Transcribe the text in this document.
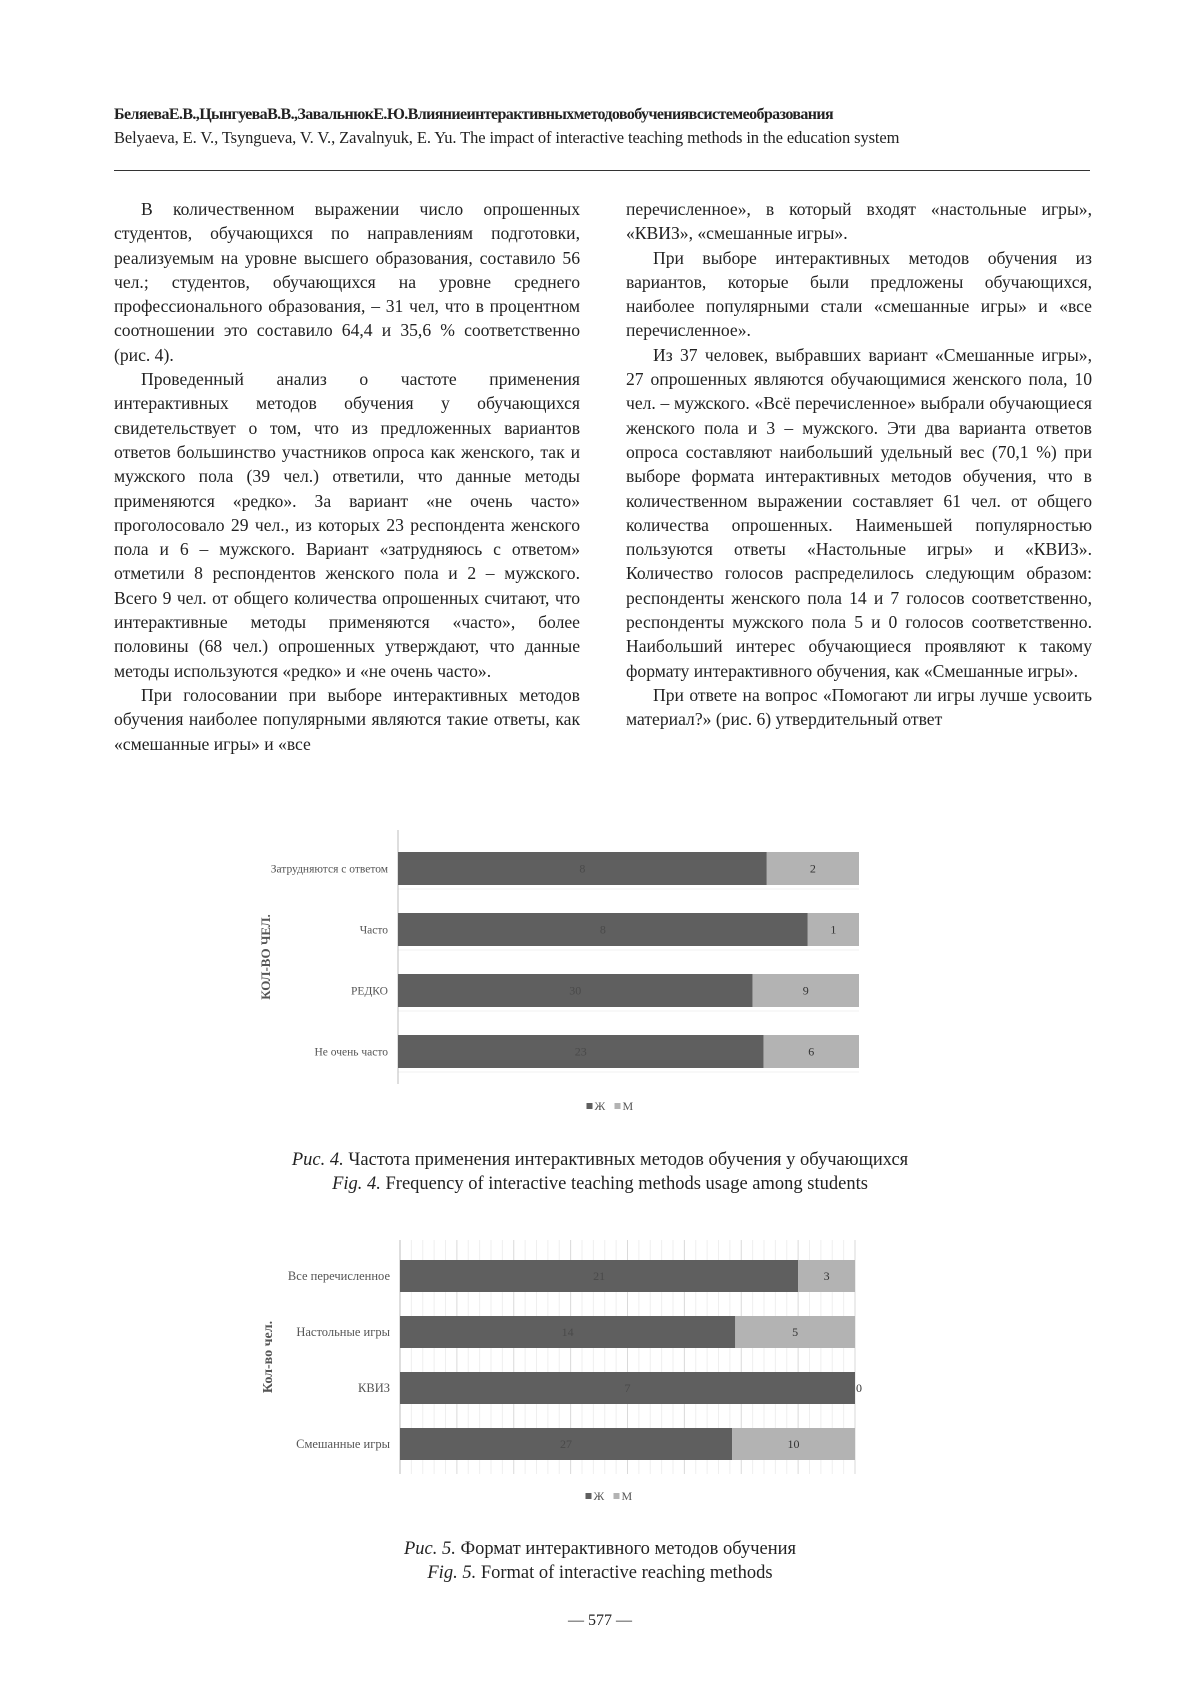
БеляеваЕ.В.,ЦынгуеваВ.В.,ЗавальнюкЕ.Ю.Влияниеинтерактивныхметодовобучениявсистемеобразования
Belyaeva, E. V., Tsyngueva, V. V., Zavalnyuk, E. Yu. The impact of interactive teaching methods in the education system

В количественном выражении число опрошенных студентов, обучающихся по направлениям подготовки, реализуемым на уровне высшего образования, составило 56 чел.; студентов, обучающихся на уровне среднего профессионального образования, – 31 чел, что в процентном соотношении это составило 64,4 и 35,6 % соответственно (рис. 4).

Проведенный анализ о частоте применения интерактивных методов обучения у обучающихся свидетельствует о том, что из предложенных вариантов ответов большинство участников опроса как женского, так и мужского пола (39 чел.) ответили, что данные методы применяются «редко». За вариант «не очень часто» проголосовало 29 чел., из которых 23 респондента женского пола и 6 – мужского. Вариант «затрудняюсь с ответом» отметили 8 респондентов женского пола и 2 – мужского. Всего 9 чел. от общего количества опрошенных считают, что интерактивные методы применяются «часто», более половины (68 чел.) опрошенных утверждают, что данные методы используются «редко» и «не очень часто».

При голосовании при выборе интерактивных методов обучения наиболее популярными являются такие ответы, как «смешанные игры» и «все

перечисленное», в который входят «настольные игры», «КВИЗ», «смешанные игры».

При выборе интерактивных методов обучения из вариантов, которые были предложены обучающихся, наиболее популярными стали «смешанные игры» и «все перечисленное».

Из 37 человек, выбравших вариант «Смешанные игры», 27 опрошенных являются обучающимися женского пола, 10 чел. – мужского. «Всё перечисленное» выбрали обучающиеся женского пола и 3 – мужского. Эти два варианта ответов опроса составляют наибольший удельный вес (70,1 %) при выборе формата интерактивных методов обучения, что в количественном выражении составляет 61 чел. от общего количества опрошенных. Наименьшей популярностью пользуются ответы «Настольные игры» и «КВИЗ». Количество голосов распределилось следующим образом: респонденты женского пола 14 и 7 голосов соответственно, респонденты мужского пола 5 и 0 голосов соответственно. Наибольший интерес обучающиеся проявляют к такому формату интерактивного обучения, как «Смешанные игры».

При ответе на вопрос «Помогают ли игры лучше усвоить материал?» (рис. 6) утвердительный ответ

8	2
Затрудняются с ответом
8	1
Часто
30	9
РЕДКО
23	6
Не очень часто
КОЛ-ВО ЧЕЛ.
Ж М
Рис. 4. Частота применения интерактивных методов обучения у обучающихся
Fig. 4. Frequency of interactive teaching methods usage among students
21	3
Все перечисленное
14	5
Настольные игры
7	0
КВИЗ
27	10
Смешанные игры
Кол-во чел.
Ж М
Рис. 5. Формат интерактивного методов обучения
Fig. 5. Format of interactive reaching methods
— 577 —
